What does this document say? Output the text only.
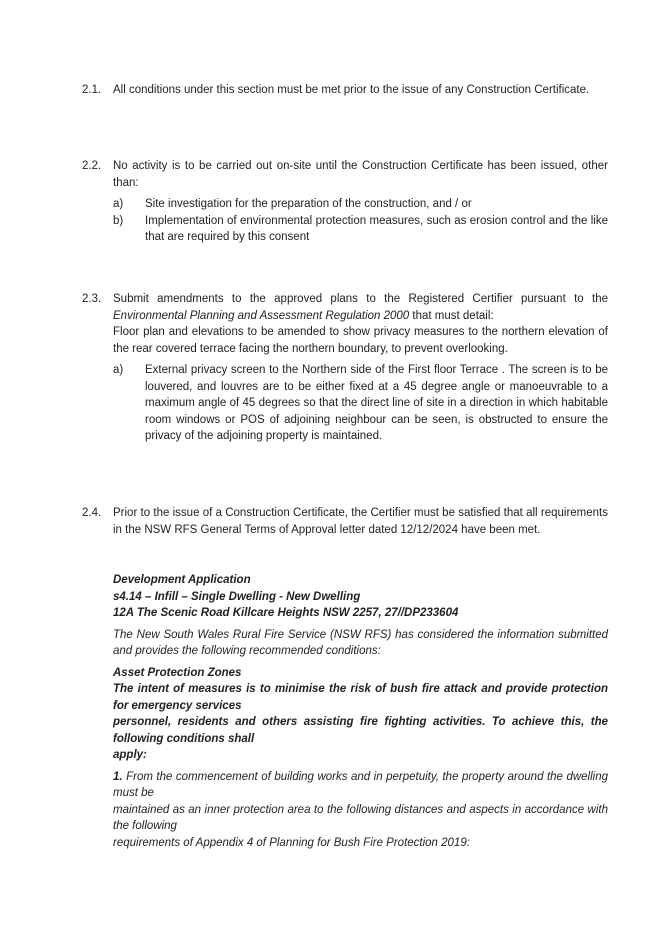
2.1. All conditions under this section must be met prior to the issue of any Construction Certificate.

2.2. No activity is to be carried out on-site until the Construction Certificate has been issued, other than:

a) Site investigation for the preparation of the construction, and / or
b) Implementation of environmental protection measures, such as erosion control and the like that are required by this consent
2.3. Submit amendments to the approved plans to the Registered Certifier pursuant to the Environmental Planning and Assessment Regulation 2000 that must detail:

Floor plan and elevations to be amended to show privacy measures to the northern elevation of the rear covered terrace facing the northern boundary, to prevent overlooking.

a) External privacy screen to the Northern side of the First floor Terrace . The screen is to be louvered, and louvres are to be either fixed at a 45 degree angle or manoeuvrable to a maximum angle of 45 degrees so that the direct line of site in a direction in which habitable room windows or POS of adjoining neighbour can be seen, is obstructed to ensure the privacy of the adjoining property is maintained.
2.4. Prior to the issue of a Construction Certificate, the Certifier must be satisfied that all requirements in the NSW RFS General Terms of Approval letter dated 12/12/2024 have been met.

Development Application

s4.14 – Infill – Single Dwelling - New Dwelling

12A The Scenic Road Killcare Heights NSW 2257, 27//DP233604

The New South Wales Rural Fire Service (NSW RFS) has considered the information submitted and provides the following recommended conditions:

Asset Protection Zones

The intent of measures is to minimise the risk of bush fire attack and provide protection for emergency services

personnel, residents and others assisting fire fighting activities. To achieve this, the following conditions shall

apply:

1. From the commencement of building works and in perpetuity, the property around the dwelling must be

maintained as an inner protection area to the following distances and aspects in accordance with the following

requirements of Appendix 4 of Planning for Bush Fire Protection 2019:
